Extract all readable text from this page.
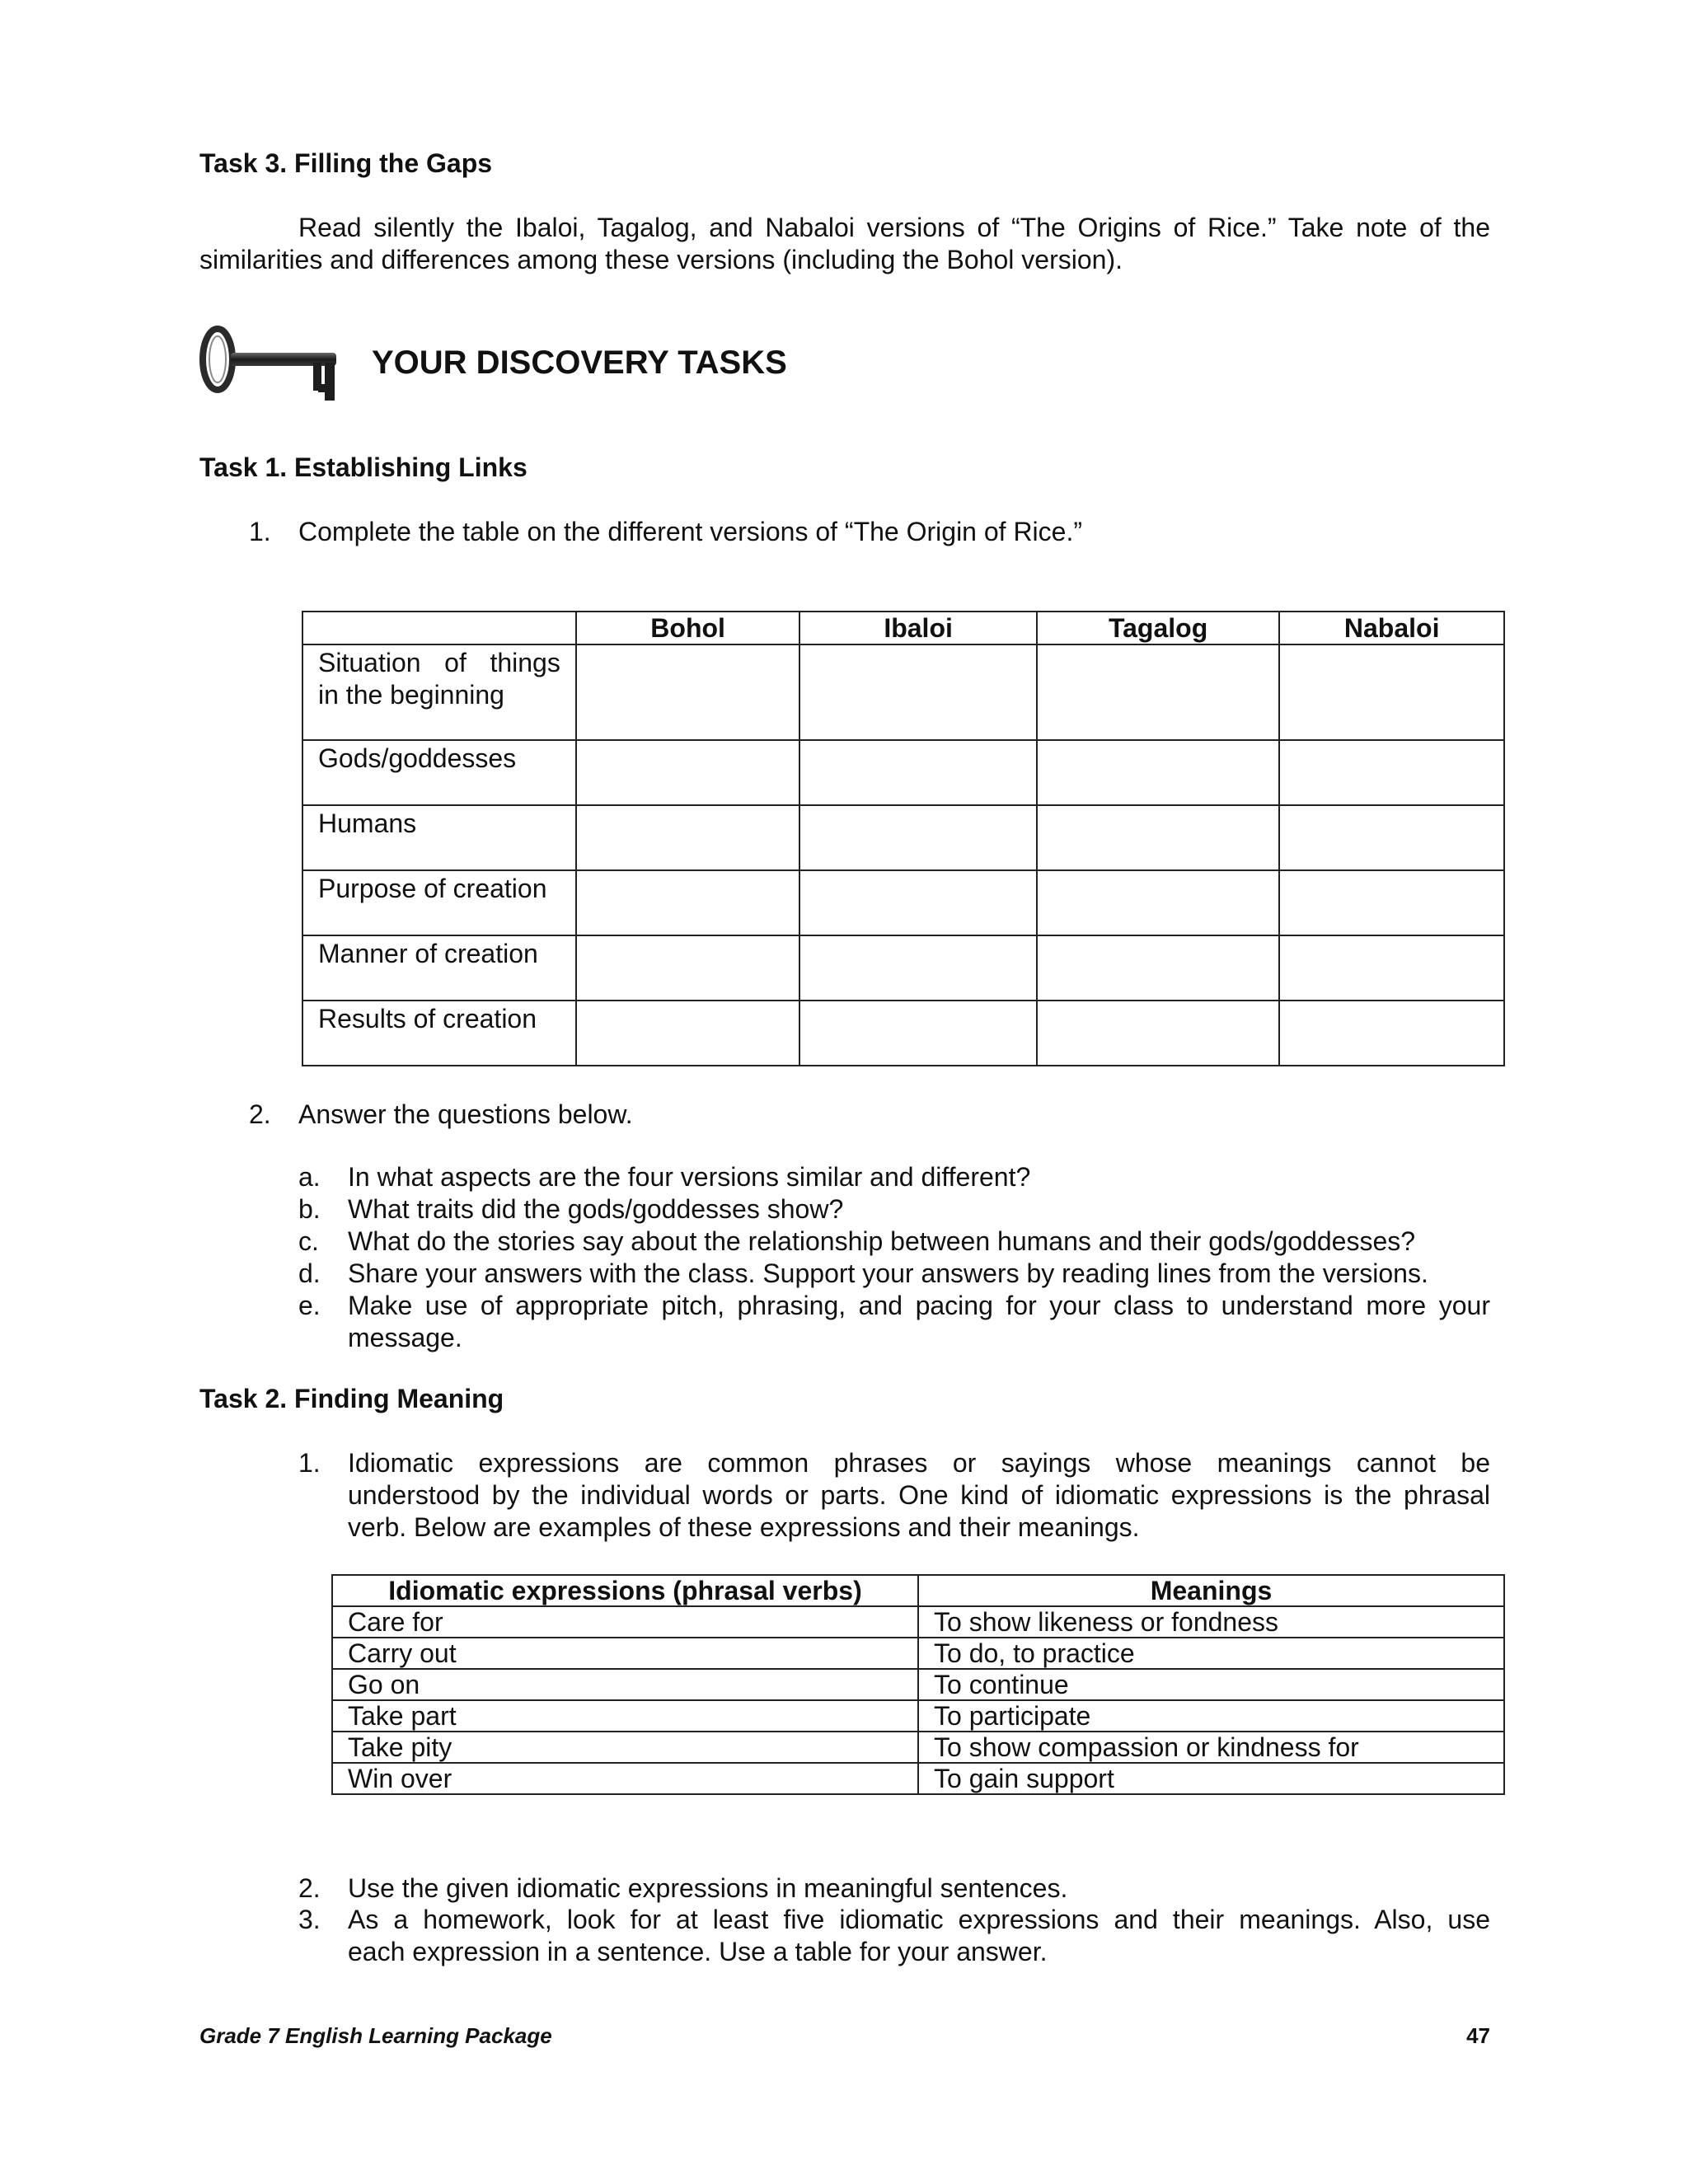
Task 3. Filling the Gaps
Read silently the Ibaloi, Tagalog, and Nabaloi versions of “The Origins of Rice.” Take note of the
similarities and differences among these versions (including the Bohol version).
YOUR DISCOVERY TASKS
Task 1. Establishing Links
1. Complete the table on the different versions of “The Origin of Rice.”
	Bohol	Ibaloi	Tagalog	Nabaloi

Situation of things
in the beginning				

Gods/goddesses				
Humans				
Purpose of creation				
Manner of creation				
Results of creation				
2. Answer the questions below.
a. In what aspects are the four versions similar and different?
b. What traits did the gods/goddesses show?
c. What do the stories say about the relationship between humans and their gods/goddesses?
d. Share your answers with the class. Support your answers by reading lines from the versions.
e. Make use of appropriate pitch, phrasing, and pacing for your class to understand more your
message.
Task 2. Finding Meaning
1. Idiomatic expressions are common phrases or sayings whose meanings cannot be
understood by the individual words or parts. One kind of idiomatic expressions is the phrasal
verb. Below are examples of these expressions and their meanings.
Idiomatic expressions (phrasal verbs)	Meanings
Care for	To show likeness or fondness
Carry out	To do, to practice
Go on	To continue
Take part	To participate
Take pity	To show compassion or kindness for
Win over	To gain support
2. Use the given idiomatic expressions in meaningful sentences.
3. As a homework, look for at least five idiomatic expressions and their meanings. Also, use
each expression in a sentence. Use a table for your answer.
Grade 7 English Learning Package	47
